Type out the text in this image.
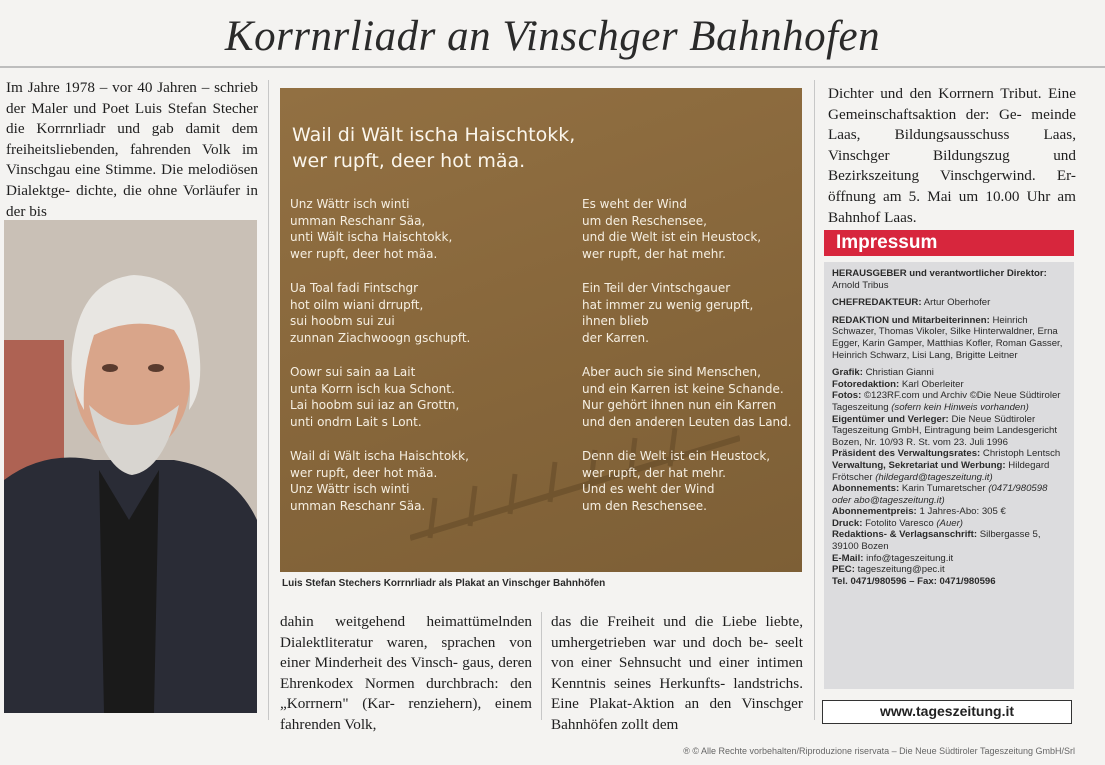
Korrnrliadr an Vinschger Bahnhofen

Im Jahre 1978 – vor 40 Jahren – schrieb der Maler und Poet Luis Stefan Stecher die Korrnrliadr und gab damit dem freiheitsliebenden, fahrenden Volk im Vinschgau eine Stimme. Die melodiösen Dialektge- dichte, die ohne Vorläufer in der bis

Wail di Wält ischa Haischtokk,
wer rupft, deer hot mäa.
Unz Wättr isch winti
umman Reschanr Säa,
unti Wält ischa Haischtokk,
wer rupft, deer hot mäa.
Ua Toal fadi Fintschgr
hot oilm wiani drrupft,
sui hoobm sui zui
zunnan Ziachwoogn gschupft.
Oowr sui sain aa Lait
unta Korrn isch kua Schont.
Lai hoobm sui iaz an Grottn,
unti ondrn Lait s Lont.
Wail di Wält ischa Haischtokk,
wer rupft, deer hot mäa.
Unz Wättr isch winti
umman Reschanr Säa.
Es weht der Wind
um den Reschensee,
und die Welt ist ein Heustock,
wer rupft, der hat mehr.
Ein Teil der Vintschgauer
hat immer zu wenig gerupft,
ihnen blieb
der Karren.
Aber auch sie sind Menschen,
und ein Karren ist keine Schande.
Nur gehört ihnen nun ein Karren
und den anderen Leuten das Land.
Denn die Welt ist ein Heustock,
wer rupft, der hat mehr.
Und es weht der Wind
um den Reschensee.
Luis Stefan Stechers Korrnrliadr als Plakat an Vinschger Bahnhöfen

dahin weitgehend heimattümelnden Dialektliteratur waren, sprachen von einer Minderheit des Vinsch- gaus, deren Ehrenkodex Normen durchbrach: den „Korrnern" (Kar- renziehern), einem fahrenden Volk,

das die Freiheit und die Liebe liebte, umhergetrieben war und doch be- seelt von einer Sehnsucht und einer intimen Kenntnis seines Herkunfts- landstrichs. Eine Plakat-Aktion an den Vinschger Bahnhöfen zollt dem

Dichter und den Korrnern Tribut. Eine Gemeinschaftsaktion der: Ge- meinde Laas, Bildungsausschuss Laas, Vinschger Bildungszug und Bezirkszeitung Vinschgerwind. Er- öffnung am 5. Mai um 10.00 Uhr am Bahnhof Laas.

Impressum
HERAUSGEBER und verantwortlicher Direktor: Arnold Tribus
CHEFREDAKTEUR: Artur Oberhofer
REDAKTION und Mitarbeiterinnen: Heinrich Schwazer, Thomas Vikoler, Silke Hinterwaldner, Erna Egger, Karin Gamper, Matthias Kofler, Roman Gasser, Heinrich Schwarz, Lisi Lang, Brigitte Leitner
Grafik: Christian Gianni
Fotoredaktion: Karl Oberleiter
Fotos: ©123RF.com und Archiv ©Die Neue Südtiroler Tageszeitung (sofern kein Hinweis vorhanden)
Eigentümer und Verleger: Die Neue Südtiroler Tageszeitung GmbH, Eintragung beim Landesgericht Bozen, Nr. 10/93 R. St. vom 23. Juli 1996
Präsident des Verwaltungsrates: Christoph Lentsch
Verwaltung, Sekretariat und Werbung: Hildegard Frötscher (hildegard@tageszeitung.it)
Abonnements: Karin Tumaretscher (0471/980598 oder abo@tageszeitung.it)
Abonnementpreis: 1 Jahres-Abo: 305 €
Druck: Fotolito Varesco (Auer)
Redaktions- & Verlagsanschrift: Silbergasse 5, 39100 Bozen
E-Mail: info@tageszeitung.it
PEC: tageszeitung@pec.it
Tel. 0471/980596 – Fax: 0471/980596
www.tageszeitung.it
® © Alle Rechte vorbehalten/Riproduzione riservata – Die Neue Südtiroler Tageszeitung GmbH/Srl
